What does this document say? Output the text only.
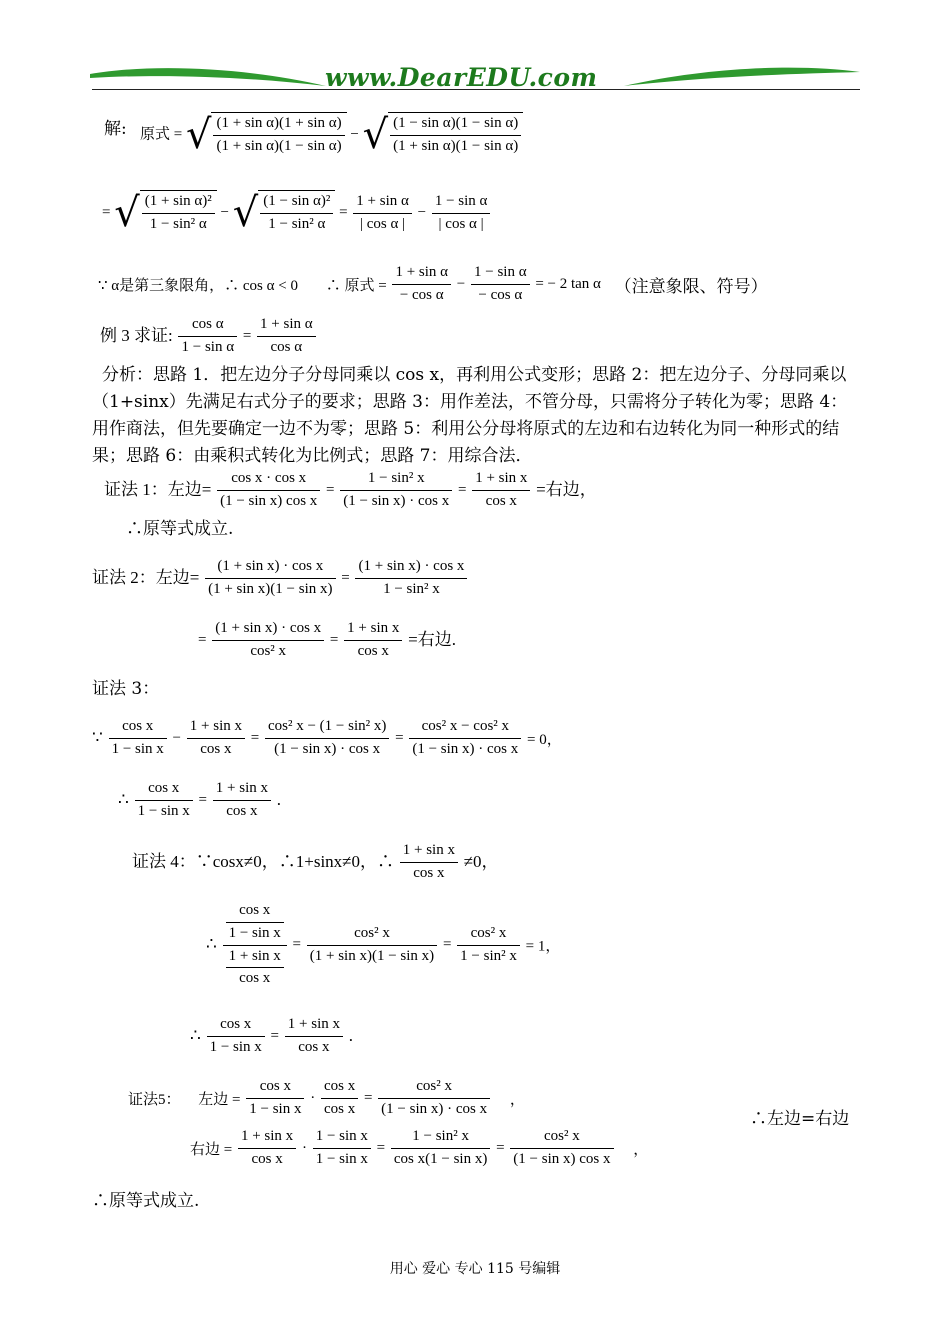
www.DearEDU.com
解: 原式 = √ $\frac{\text{(1 + sin α)(1 + sin α)}}{\text{(1 + sin α)(1 − sin α)}}$ − √ $\frac{\text{(1 − sin α)(1 − sin α)}}{\text{(1 + sin α)(1 − sin α)}}$
= √ $\frac{\text{(1 + sin α)²}}{\text{1 − sin² α}}$ − √ $\frac{\text{(1 − sin α)²}}{\text{1 − sin² α}} = \frac{\text{1 + sin α}}{\text{| cos α |}} - \frac{\text{1 − sin α}}{\text{| cos α |}}$
∵ α是第三象限角，∴ cos α < 0 ∴ 原式 = $\frac{\text{1 + sin α}}{\text{− cos α}} - \frac{\text{1 − sin α}}{\text{− cos α}}$ = − 2 tan α （注意象限、符号）
例 3 求证: $\frac{\text{cos α}}{\text{1 − sin α}} = \frac{\text{1 + sin α}}{\text{cos α}}$
分析：思路 1．把左边分子分母同乘以 cos x，再利用公式变形；思路 2：把左边分子、分母同乘以（1+sinx）先满足右式分子的要求；思路 3：用作差法，不管分母，只需将分子转化为零；思路 4：用作商法，但先要确定一边不为零；思路 5：利用公分母将原式的左边和右边转化为同一种形式的结果；思路 6：由乘积式转化为比例式；思路 7：用综合法．
证法 1：左边= $\frac{\text{cos x · cos x}}{\text{(1 − sin x) cos x}} = \frac{\text{1 − sin² x}}{\text{(1 − sin x) · cos x}} = \frac{\text{1 + sin x}}{\text{cos x}}$ =右边，
∴原等式成立.
证法 2：左边= $\frac{\text{(1 + sin x) · cos x}}{\text{(1 + sin x)(1 − sin x)}} = \frac{\text{(1 + sin x) · cos x}}{\text{1 − sin² x}}$
= $\frac{\text{(1 + sin x) · cos x}}{\text{cos² x}} = \frac{\text{1 + sin x}}{\text{cos x}}$ =右边.
证法 3：
∵ $\frac{\text{cos x}}{\text{1 − sin x}} - \frac{\text{1 + sin x}}{\text{cos x}} = \frac{\text{cos² x − (1 − sin² x)}}{\text{(1 − sin x) · cos x}} = \frac{\text{cos² x − cos² x}}{\text{(1 − sin x) · cos x}} = 0$，
∴ $\frac{\text{cos x}}{\text{1 − sin x}} = \frac{\text{1 + sin x}}{\text{cos x}}$ .
证法 4：∵cosx≠0，∴1+sinx≠0，∴ $\frac{\text{1 + sin x}}{\text{cos x}} \ne 0$，
∴ $\frac{\frac{\text{cos x}}{\text{1 − sin x}}}{\frac{\text{1 + sin x}}{\text{cos x}}} = \frac{\text{cos² x}}{\text{(1 + sin x)(1 − sin x)}} = \frac{\text{cos² x}}{\text{1 − sin² x}} = 1$，
∴ $\frac{\text{cos x}}{\text{1 − sin x}} = \frac{\text{1 + sin x}}{\text{cos x}}$ .
证法5： 左边 = $\frac{\text{cos x}}{\text{1 − sin x}} \cdot \frac{\text{cos x}}{\text{cos x}} = \frac{\text{cos² x}}{\text{(1 − sin x) · cos x}}$ ，
右边 = $\frac{\text{1 + sin x}}{\text{cos x}} \cdot \frac{\text{1 − sin x}}{\text{1 − sin x}} = \frac{\text{1 − sin² x}}{\text{cos x(1 − sin x)}} = \frac{\text{cos² x}}{\text{(1 − sin x) cos x}}$ ，
∴左边=右边
∴原等式成立.
用心 爱心 专心 115 号编辑
